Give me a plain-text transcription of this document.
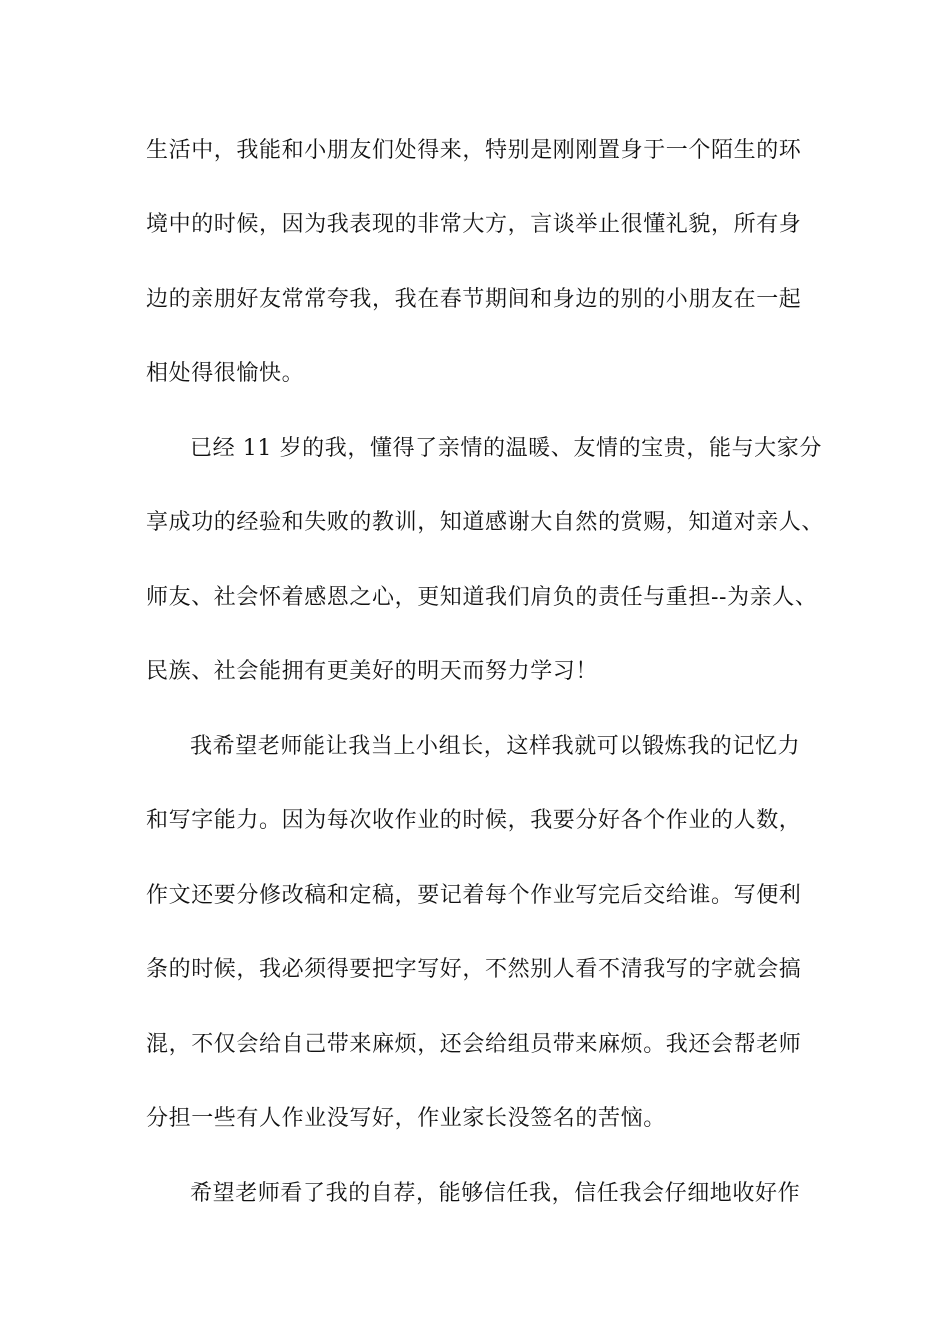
生活中，我能和小朋友们处得来，特别是刚刚置身于一个陌生的环
境中的时候，因为我表现的非常大方，言谈举止很懂礼貌，所有身
边的亲朋好友常常夸我，我在春节期间和身边的别的小朋友在一起
相处得很愉快。
已经 11 岁的我，懂得了亲情的温暖、友情的宝贵，能与大家分
享成功的经验和失败的教训，知道感谢大自然的赏赐，知道对亲人、
师友、社会怀着感恩之心，更知道我们肩负的责任与重担--为亲人、
民族、社会能拥有更美好的明天而努力学习！
我希望老师能让我当上小组长，这样我就可以锻炼我的记忆力
和写字能力。因为每次收作业的时候，我要分好各个作业的人数，
作文还要分修改稿和定稿，要记着每个作业写完后交给谁。写便利
条的时候，我必须得要把字写好，不然别人看不清我写的字就会搞
混，不仅会给自己带来麻烦，还会给组员带来麻烦。我还会帮老师
分担一些有人作业没写好，作业家长没签名的苦恼。
希望老师看了我的自荐，能够信任我，信任我会仔细地收好作
